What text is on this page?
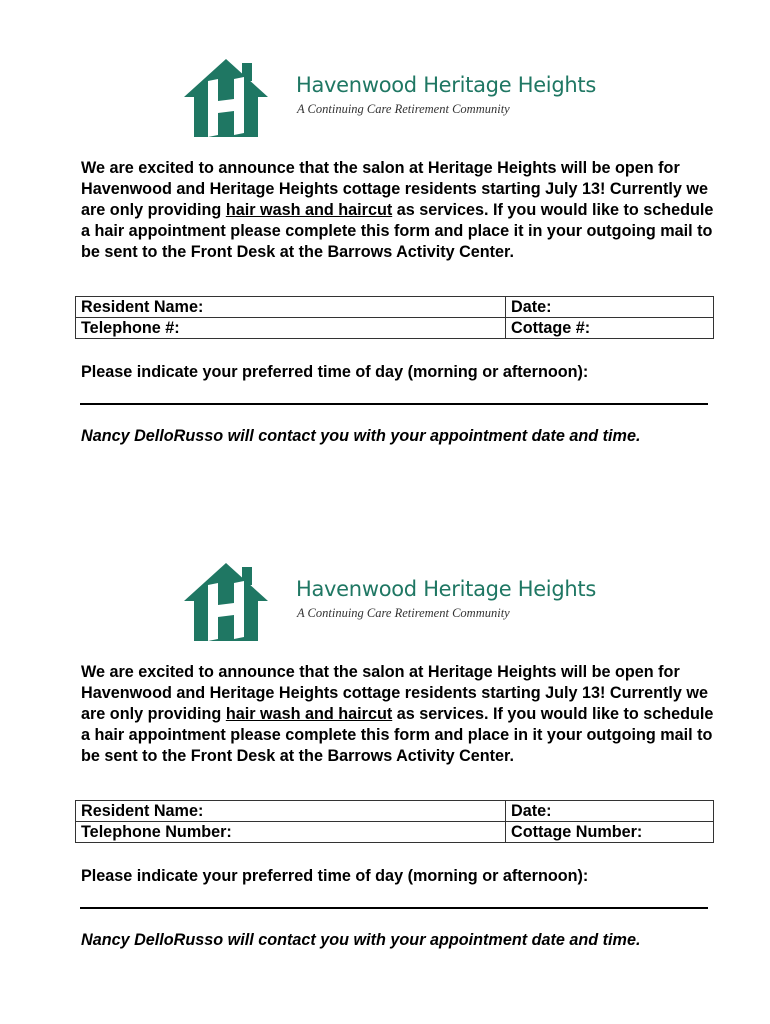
Havenwood Heritage Heights
A Continuing Care Retirement Community

We are excited to announce that the salon at Heritage Heights will be open for Havenwood and Heritage Heights cottage residents starting July 13! Currently we are only providing hair wash and haircut as services. If you would like to schedule a hair appointment please complete this form and place it in your outgoing mail to be sent to the Front Desk at the Barrows Activity Center.

Resident Name:	Date:
Telephone #:	Cottage #:
Please indicate your preferred time of day (morning or afternoon):
Nancy DelloRusso will contact you with your appointment date and time.
Havenwood Heritage Heights
A Continuing Care Retirement Community

We are excited to announce that the salon at Heritage Heights will be open for Havenwood and Heritage Heights cottage residents starting July 13! Currently we are only providing hair wash and haircut as services. If you would like to schedule a hair appointment please complete this form and place in it your outgoing mail to be sent to the Front Desk at the Barrows Activity Center.

Resident Name:	Date:
Telephone Number:	Cottage Number:
Please indicate your preferred time of day (morning or afternoon):
Nancy DelloRusso will contact you with your appointment date and time.
